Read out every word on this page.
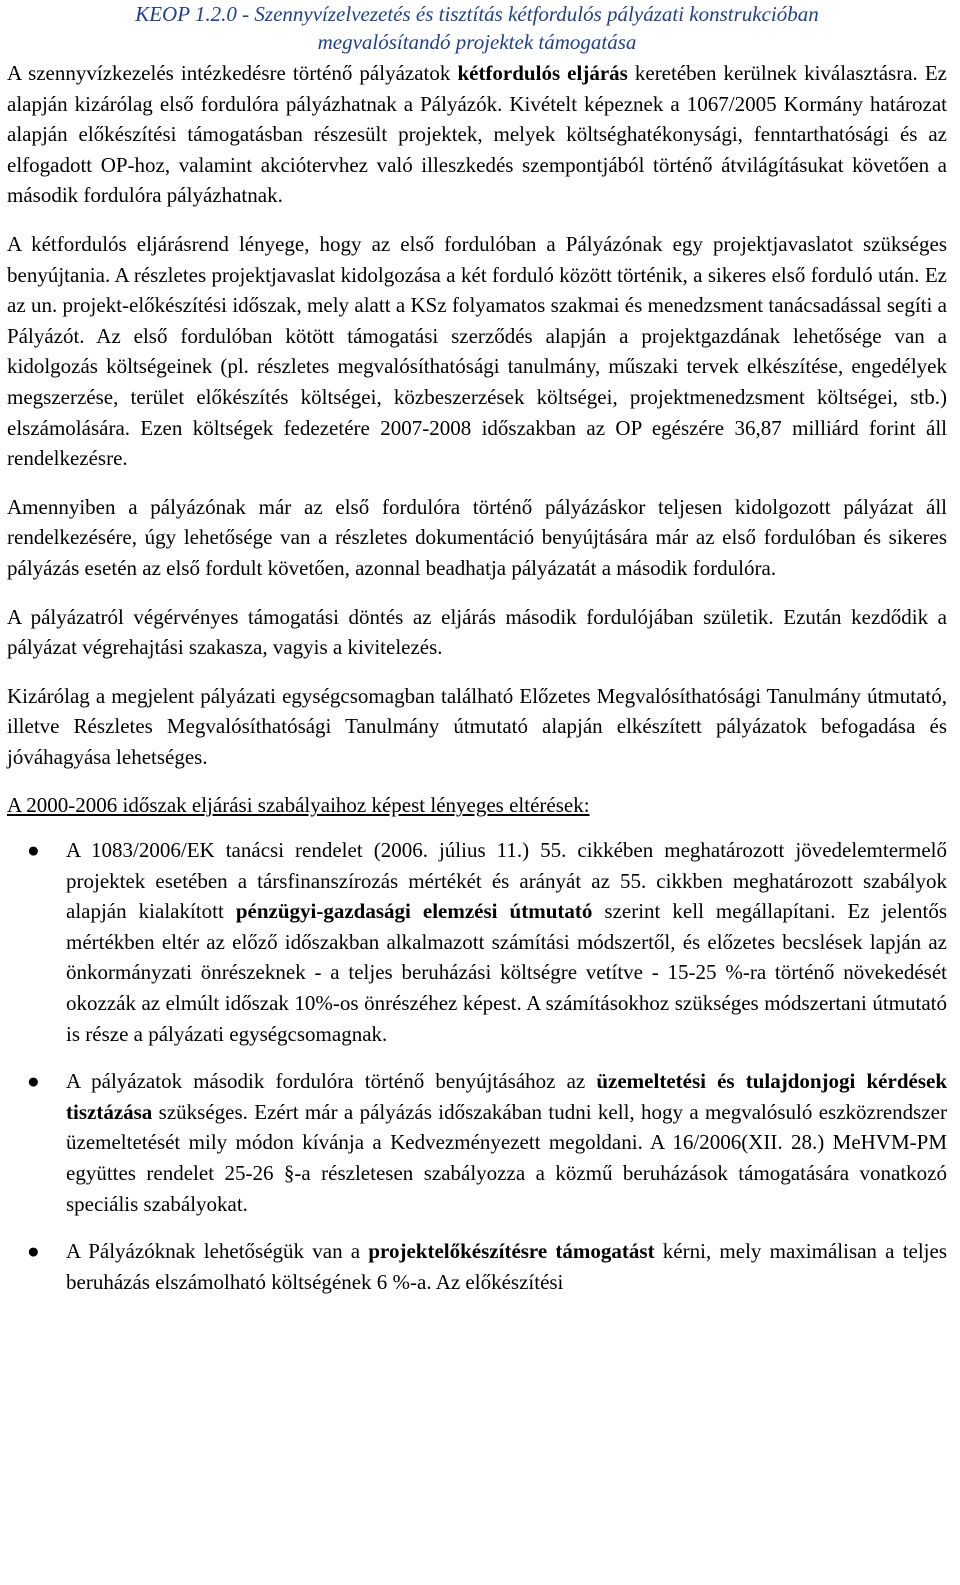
KEOP 1.2.0 - Szennyvízelvezetés és tisztítás kétfordulós pályázati konstrukcióban

megvalósítandó projektek támogatása

A szennyvízkezelés intézkedésre történő pályázatok kétfordulós eljárás keretében kerülnek kiválasztásra. Ez alapján kizárólag első fordulóra pályázhatnak a Pályázók. Kivételt képeznek a 1067/2005 Kormány határozat alapján előkészítési támogatásban részesült projektek, melyek költséghatékonysági, fenntarthatósági és az elfogadott OP-hoz, valamint akciótervhez való illeszkedés szempontjából történő átvilágításukat követően a második fordulóra pályázhatnak.

A kétfordulós eljárásrend lényege, hogy az első fordulóban a Pályázónak egy projektjavaslatot szükséges benyújtania. A részletes projektjavaslat kidolgozása a két forduló között történik, a sikeres első forduló után. Ez az un. projekt-előkészítési időszak, mely alatt a KSz folyamatos szakmai és menedzsment tanácsadással segíti a Pályázót. Az első fordulóban kötött támogatási szerződés alapján a projektgazdának lehetősége van a kidolgozás költségeinek (pl. részletes megvalósíthatósági tanulmány, műszaki tervek elkészítése, engedélyek megszerzése, terület előkészítés költségei, közbeszerzések költségei, projektmenedzsment költségei, stb.) elszámolására. Ezen költségek fedezetére 2007-2008 időszakban az OP egészére 36,87 milliárd forint áll rendelkezésre.

Amennyiben a pályázónak már az első fordulóra történő pályázáskor teljesen kidolgozott pályázat áll rendelkezésére, úgy lehetősége van a részletes dokumentáció benyújtására már az első fordulóban és sikeres pályázás esetén az első fordult követően, azonnal beadhatja pályázatát a második fordulóra.

A pályázatról végérvényes támogatási döntés az eljárás második fordulójában születik. Ezután kezdődik a pályázat végrehajtási szakasza, vagyis a kivitelezés.

Kizárólag a megjelent pályázati egységcsomagban található Előzetes Megvalósíthatósági Tanulmány útmutató, illetve Részletes Megvalósíthatósági Tanulmány útmutató alapján elkészített pályázatok befogadása és jóváhagyása lehetséges.

A 2000-2006 időszak eljárási szabályaihoz képest lényeges eltérések:

● A 1083/2006/EK tanácsi rendelet (2006. július 11.) 55. cikkében meghatározott jövedelemtermelő projektek esetében a társfinanszírozás mértékét és arányát az 55. cikkben meghatározott szabályok alapján kialakított pénzügyi-gazdasági elemzési útmutató szerint kell megállapítani. Ez jelentős mértékben eltér az előző időszakban alkalmazott számítási módszertől, és előzetes becslések lapján az önkormányzati önrészeknek - a teljes beruházási költségre vetítve - 15-25 %-ra történő növekedését okozzák az elmúlt időszak 10%-os önrészéhez képest. A számításokhoz szükséges módszertani útmutató is része a pályázati egységcsomagnak.
● A pályázatok második fordulóra történő benyújtásához az üzemeltetési és tulajdonjogi kérdések tisztázása szükséges. Ezért már a pályázás időszakában tudni kell, hogy a megvalósuló eszközrendszer üzemeltetését mily módon kívánja a Kedvezményezett megoldani. A 16/2006(XII. 28.) MeHVM-PM együttes rendelet 25-26 §-a részletesen szabályozza a közmű beruházások támogatására vonatkozó speciális szabályokat.
● A Pályázóknak lehetőségük van a projektelőkészítésre támogatást kérni, mely maximálisan a teljes beruházás elszámolható költségének 6 %-a. Az előkészítési
